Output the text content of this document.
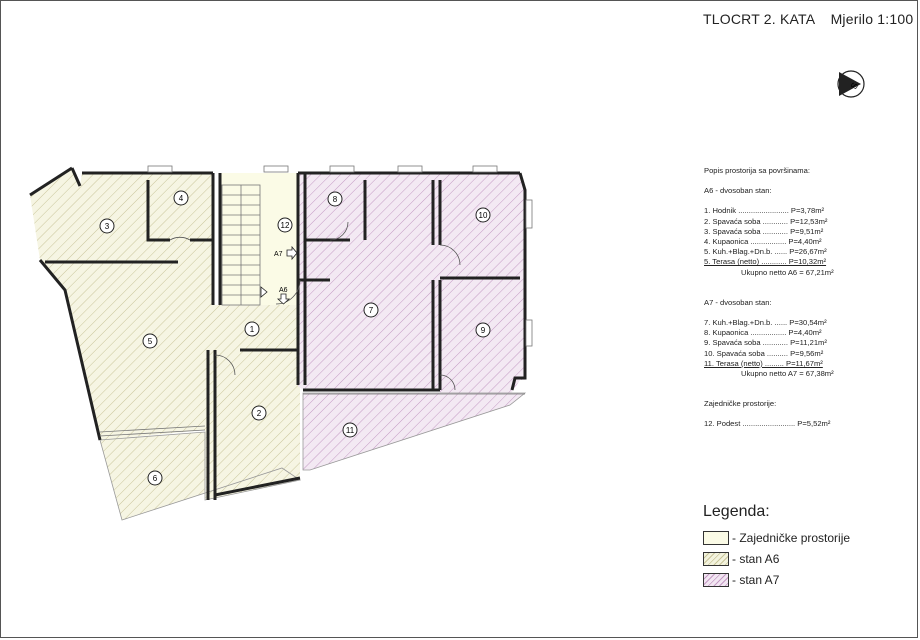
TLOCRT 2. KATA Mjerilo 1:100
S
1
2
3
4
5
6
7
8
9
10
11
12
A7
A6
Popis prostorija sa površinama:
A6 - dvosoban stan:
1. Hodnik ........................ P=3,78m²
2. Spavaća soba ............ P=12,53m²
3. Spavaća soba ............ P=9,51m²
4. Kupaonica ................. P=4,40m²
5. Kuh.+Blag.+Dn.b. ...... P=26,67m²
5. Terasa (netto) ............ P=10,32m²
Ukupno netto A6 = 67,21m²
A7 - dvosoban stan:
7. Kuh.+Blag.+Dn.b. ...... P=30,54m²
8. Kupaonica ................. P=4,40m²
9. Spavaća soba ............ P=11,21m²
10. Spavaća soba .......... P=9,56m²
11. Terasa (netto) ......... P=11,67m²
Ukupno netto A7 = 67,38m²
Zajedničke prostorije:
12. Podest ......................... P=5,52m²
Legenda:
- Zajedničke prostorije
- stan A6
- stan A7
